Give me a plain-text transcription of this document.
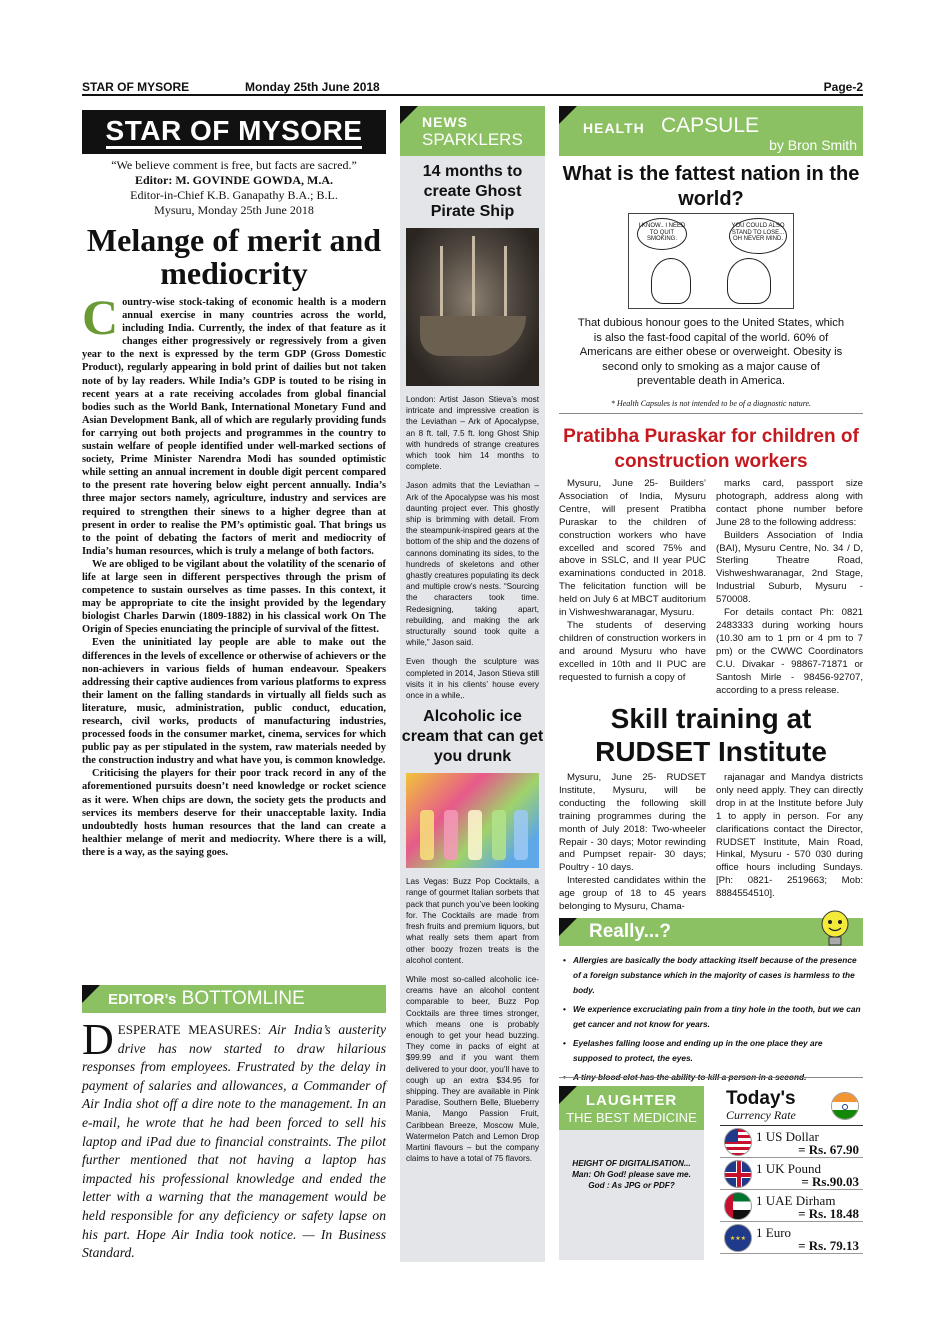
STAR OF MYSORE	Monday 25th June 2018	Page-2
STAR OF MYSORE
“We believe comment is free, but facts are sacred.”
Editor: M. GOVINDE GOWDA, M.A.
Editor-in-Chief K.B. Ganapathy B.A.; B.L.
Mysuru, Monday 25th June 2018
Melange of merit and mediocrity

Country-wise stock-taking of economic health is a modern annual exercise in many countries across the world, including India. Currently, the index of that feature as it changes either progressively or regressively from a given year to the next is expressed by the term GDP (Gross Domestic Product), regularly appearing in bold print of dailies but not taken note of by lay readers. While India’s GDP is touted to be rising in recent years at a rate receiving accolades from global financial bodies such as the World Bank, International Monetary Fund and Asian Development Bank, all of which are regularly providing funds for carrying out both projects and programmes in the country to sustain welfare of people identified under well-marked sections of society, Prime Minister Narendra Modi has sounded optimistic while setting an annual increment in double digit percent compared to the present rate hovering below eight percent annually. India’s three major sectors namely, agriculture, industry and services are required to strengthen their sinews to a higher degree than at present in order to realise the PM’s optimistic goal. That brings us to the point of debating the factors of merit and mediocrity of India’s human resources, which is truly a melange of both factors.

We are obliged to be vigilant about the volatility of the scenario of life at large seen in different perspectives through the prism of competence to sustain ourselves as time passes. In this context, it may be appropriate to cite the insight provided by the legendary biologist Charles Darwin (1809-1882) in his classical work On The Origin of Species enunciating the principle of survival of the fittest.

Even the uninitiated lay people are able to make out the differences in the levels of excellence or otherwise of achievers or the non-achievers in various fields of human endeavour. Speakers addressing their captive audiences from various platforms to express their lament on the falling standards in virtually all fields such as literature, music, administration, public conduct, education, research, civil works, products of manufacturing industries, processed foods in the consumer market, cinema, services for which public pay as per stipulated in the system, raw materials needed by the construction industry and what have you, is common knowledge.

Criticising the players for their poor track record in any of the aforementioned pursuits doesn’t need knowledge or rocket science as it were. When chips are down, the society gets the products and services its members deserve for their unacceptable laxity. India undoubtedly hosts human resources that the land can create a healthier melange of merit and mediocrity. Where there is a will, there is a way, as the saying goes.

EDITOR’s BOTTOMLINE
DESPERATE MEASURES: Air India’s austerity drive has now started to draw hilarious responses from employees. Frustrated by the delay in payment of salaries and allowances, a Commander of Air India shot off a dire note to the management. In an e-mail, he wrote that he had been forced to sell his laptop and iPad due to financial constraints. The pilot further mentioned that not having a laptop has impacted his professional knowledge and ended the letter with a warning that the management would be held responsible for any deficiency or safety lapse on his part. Hope Air India took notice. — In Business Standard.
NEWS
SPARKLERS
14 months to create Ghost Pirate Ship

London: Artist Jason Stieva’s most intricate and impressive creation is the Leviathan – Ark of Apocalypse, an 8 ft. tall, 7.5 ft. long Ghost Ship with hundreds of strange creatures which took him 14 months to complete.

Jason admits that the Leviathan – Ark of the Apocalypse was his most daunting project ever. This ghostly ship is brimming with detail. From the steampunk-inspired gears at the bottom of the ship and the dozens of cannons dominating its sides, to the hundreds of skeletons and other ghastly creatures populating its deck and multiple crow’s nests. “Sourcing the characters took time. Redesigning, taking apart, rebuilding, and making the ark structurally sound took quite a while,” Jason said.

Even though the sculpture was completed in 2014, Jason Stieva still visits it in his clients’ house every once in a while,.

Alcoholic ice cream that can get you drunk

Las Vegas: Buzz Pop Cocktails, a range of gourmet Italian sorbets that pack that punch you’ve been looking for. The Cocktails are made from fresh fruits and premium liquors, but what really sets them apart from other boozy frozen treats is the alcohol content.

While most so-called alcoholic ice-creams have an alcohol content comparable to beer, Buzz Pop Cocktails are three times stronger, which means one is probably enough to get your head buzzing. They come in packs of eight at $99.99 and if you want them delivered to your door, you’ll have to cough up an extra $34.95 for shipping. They are available in Pink Paradise, Southern Belle, Blueberry Mania, Mango Passion Fruit, Caribbean Breeze, Moscow Mule, Watermelon Patch and Lemon Drop Martini flavours – but the company claims to have a total of 75 flavors.

HEALTH CAPSULE
by Bron Smith
What is the fattest nation in the world?
I KNOW.. I NEED TO QUIT SMOKING.
YOU COULD ALSO STAND TO LOSE... OH NEVER MIND.
That dubious honour goes to the United States, which is also the fast-food capital of the world. 60% of Americans are either obese or overweight. Obesity is second only to smoking as a major cause of preventable death in America.
* Health Capsules is not intended to be of a diagnostic nature.
Pratibha Puraskar for children of construction workers

Mysuru, June 25- Builders’ Association of India, Mysuru Centre, will present Pratibha Puraskar to the children of construction workers who have excelled and scored 75% and above in SSLC, and II year PUC examinations conducted in 2018. The felicitation function will be held on July 6 at MBCT auditorium in Vishweshwaranagar, Mysuru.

The students of deserving children of construction workers in and around Mysuru who have excelled in 10th and II PUC are requested to furnish a copy of

marks card, passport size photograph, address along with contact phone number before June 28 to the following address:

Builders Association of India (BAI), Mysuru Centre, No. 34 / D, Sterling Theatre Road, Vishweshwaranagar, 2nd Stage, Industrial Suburb, Mysuru - 570008.

For details contact Ph: 0821 2483333 during working hours (10.30 am to 1 pm or 4 pm to 7 pm) or the CWWC Coordinators C.U. Divakar - 98867-71871 or Santosh Mirle - 98456-92707, according to a press release.

Skill training at RUDSET Institute

Mysuru, June 25- RUDSET Institute, Mysuru, will be conducting the following skill training programmes during the month of July 2018: Two-wheeler Repair - 30 days; Motor rewinding and Pumpset repair- 30 days; Poultry - 10 days.

Interested candidates within the age group of 18 to 45 years belonging to Mysuru, Chama-

rajanagar and Mandya districts only need apply. They can directly drop in at the Institute before July 1 to apply in person. For any clarifications contact the Director, RUDSET Institute, Main Road, Hinkal, Mysuru - 570 030 during office hours including Sundays. [Ph: 0821- 2519663; Mob: 8884554510].

Really...?
• Allergies are basically the body attacking itself because of the presence of a foreign substance which in the majority of cases is harmless to the body.
• We experience excruciating pain from a tiny hole in the tooth, but we can get cancer and not know for years.
• Eyelashes falling loose and ending up in the one place they are supposed to protect, the eyes.
• A tiny blood clot has the ability to kill a person in a second.
LAUGHTER
THE BEST MEDICINE
HEIGHT OF DIGITALISATION...
Man: Oh God! please save me.
God : As JPG or PDF?
Today's
Currency Rate
1 US Dollar
= Rs. 67.90
1 UK Pound
= Rs.90.03
1 UAE Dirham
= Rs. 18.48
★★★ 1 Euro
= Rs. 79.13
